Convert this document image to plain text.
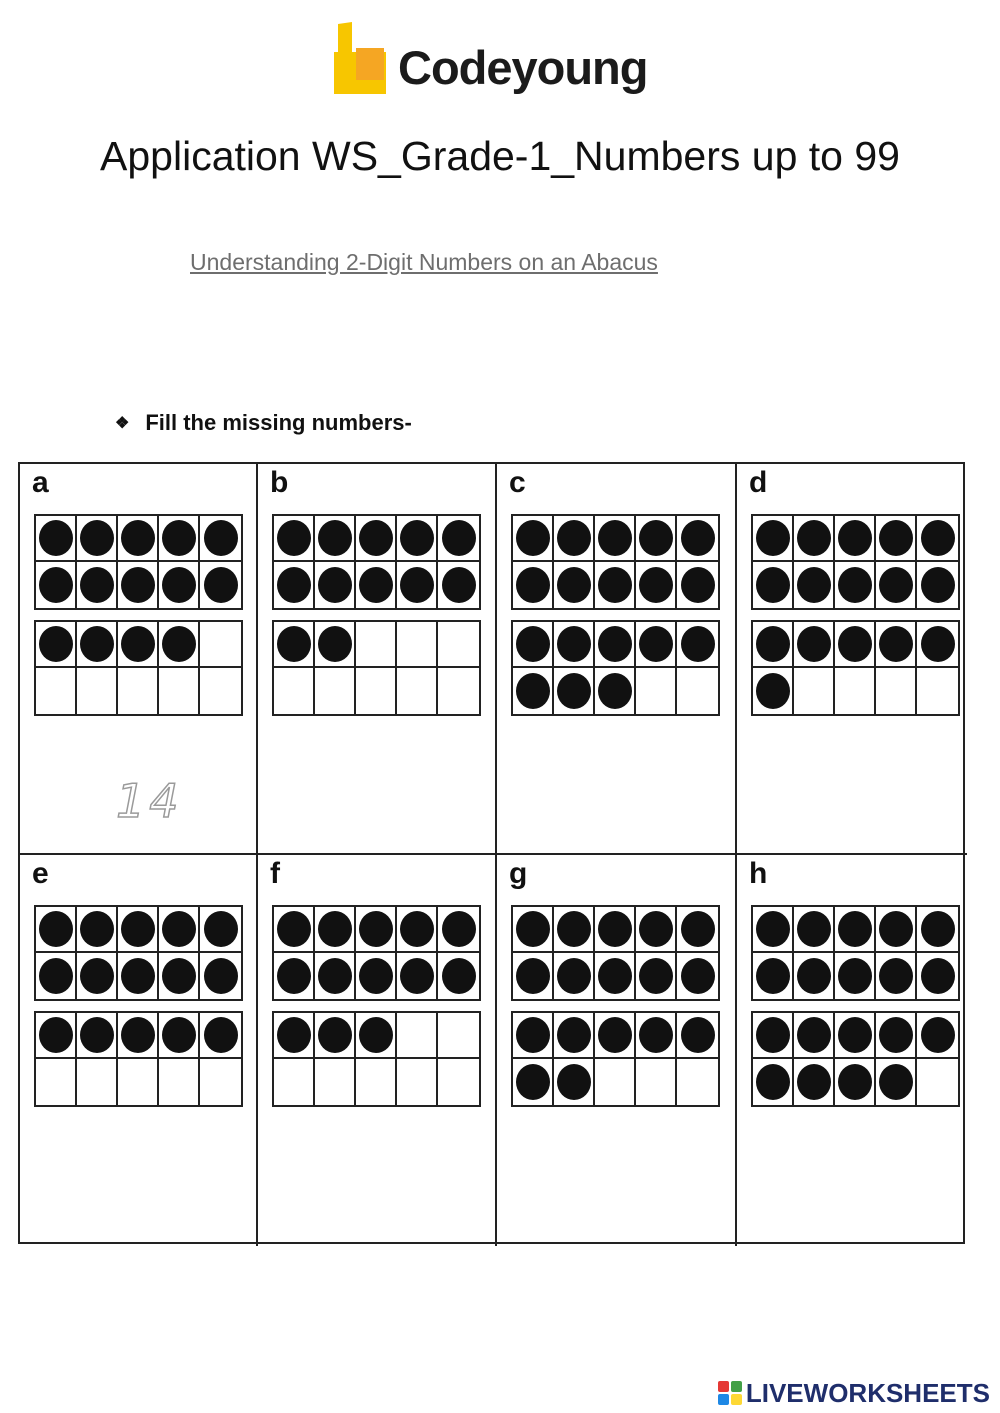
Codeyoung
Application WS_Grade-1_Numbers up to 99
Understanding 2-Digit Numbers on an Abacus
❖ Fill the missing numbers-
a
14
b	c	d
e	f	g	h
LIVEWORKSHEETS
